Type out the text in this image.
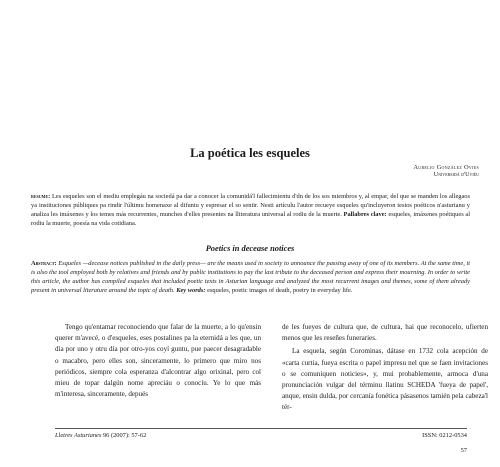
La poética les esqueles
Aurelio González Ovies
Universidá d'Uviéu
resume: Les esqueles son el mediu emplegáu na sociedá pa dar a conocer la comunidá'l fallecimientu d'dn de los sos miembros y, al empar, del que se manden los allegaos ya instituciones públiques pa rindir l'últimu homenaxe al difuntu y espresar el so sentir. Nesti artículu l'autor recueye esqueles qu'incluyeron testos poéticos n'asturianu y analiza les imáxenes y los temes más recurrentes, munches d'elles presentes na lliteratura universal al rodiu de la muerte. Pallabres clave: esqueles, imáxenes poétiques al rodiu la muerte, poesía na vida cotidiana.
Poetics in decease notices
Abstract: Esqueles —decease notices published in the daily press— are the means used in society to announce the passing away of one of its members. At the same time, it is also the tool employed both by relatives and friends and by public institutions to pay the last tribute to the deceased person and express their mourning. In order to write this article, the author has compiled esqueles that included poetic texts in Asturian language and analyzed the most recurrent images and themes, some of them already present in universal literature around the topic of death. Key words: esqueles, poetic images of death, poetry in everyday life.

Tengo qu'entamar reconociendo que falar de la muerte, a lo qu'ensin querer m'avecé, o d'esqueles, eses postalines pa la eternidá a les que, un día por uno y otru día por otro-yos coyí guntu, pue paecer desagradable o macabro, pero elles son, sinceramente, lo primero que miro nos periódicos, siempre cola esperanza d'alcontrar algo orixinal, pero col mieu de topar dalgún nome apreciáu o conocíu. Ye lo que más m'interesa, sinceramente, depués

de les fueyes de cultura que, de cultura, hai que reconocelo, ufierten menos que les reseñes funeraries.

La esquela, según Corominas, dátase en 1732 cola acepción de «carta curtia, fueya escrita o papel impresu nel que se faen invitaciones o se comuniquen noticies», y, mui probablemente, armoca d'una pronunciación vulgar del términu llatinu SCHEDA 'fueya de papel', anque, ensin dulda, por cercanía fonética pásasenos tamién pela cabeza'l tér-

Lletres Asturianes 96 (2007): 57-62	ISSN: 0212-0534
57
